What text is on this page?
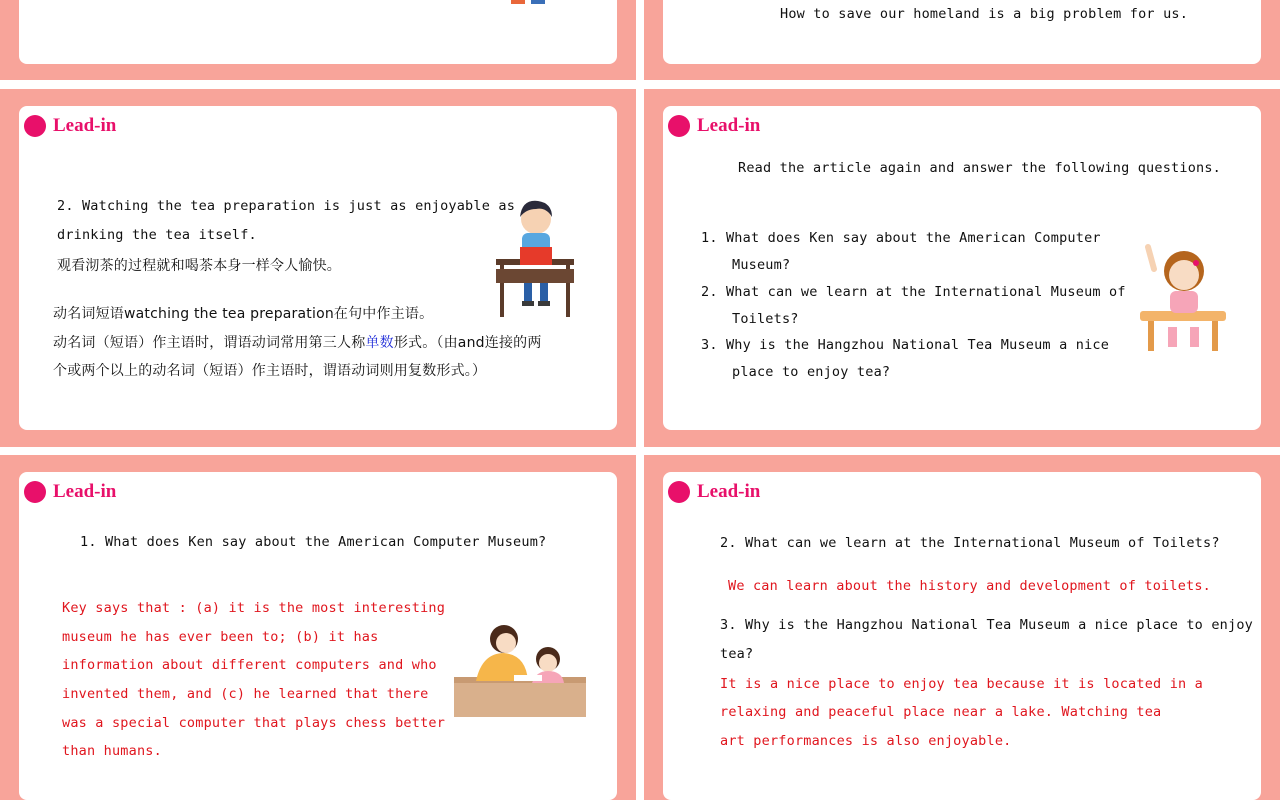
How to save our homeland is a big problem for us.
Lead-in
2. Watching the tea preparation is just as enjoyable as
drinking the tea itself.
观看沏茶的过程就和喝茶本身一样令人愉快。
动名词短语watching the tea preparation在句中作主语。
动名词（短语）作主语时，谓语动词常用第三人称单数形式。（由and连接的两
个或两个以上的动名词（短语）作主语时，谓语动词则用复数形式。）
Lead-in
Read the article again and answer the following questions.
1. What does Ken say about the American Computer
Museum?
2. What can we learn at the International Museum of
Toilets?
3. Why is the Hangzhou National Tea Museum a nice
place to enjoy tea?
Lead-in
1. What does Ken say about the American Computer Museum?
Key says that : (a) it is the most interesting
museum he has ever been to; (b) it has
information about different computers and who
invented them, and (c) he learned that there
was a special computer that plays chess better
than humans.
Lead-in
2. What can we learn at the International Museum of Toilets?
We can learn about the history and development of toilets.
3. Why is the Hangzhou National Tea Museum a nice place to enjoy
tea?
It is a nice place to enjoy tea because it is located in a
relaxing and peaceful place near a lake. Watching tea
art performances is also enjoyable.
